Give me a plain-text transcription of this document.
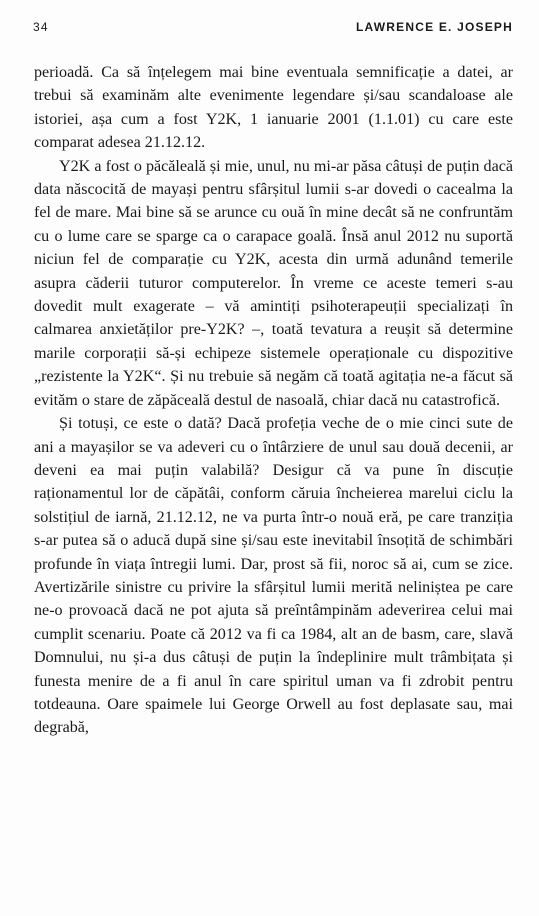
34	LAWRENCE E. JOSEPH

perioadă. Ca să înțelegem mai bine eventuala semnificație a datei, ar trebui să examinăm alte evenimente legendare și/sau scandaloase ale istoriei, așa cum a fost Y2K, 1 ianuarie 2001 (1.1.01) cu care este comparat adesea 21.12.12.

Y2K a fost o păcăleală și mie, unul, nu mi-ar păsa câtuși de puțin dacă data născocită de mayași pentru sfârșitul lumii s-ar dovedi o cacealma la fel de mare. Mai bine să se arunce cu ouă în mine decât să ne confruntăm cu o lume care se sparge ca o carapace goală. Însă anul 2012 nu suportă niciun fel de comparație cu Y2K, acesta din urmă adunând temerile asupra căderii tuturor computerelor. În vreme ce aceste temeri s-au dovedit mult exagerate – vă amintiți psihoterapeuții specializați în calmarea anxietăților pre-Y2K? –, toată tevatura a reușit să determine marile corporații să-și echipeze sistemele operaționale cu dispozitive „rezistente la Y2K“. Și nu trebuie să negăm că toată agitația ne-a făcut să evităm o stare de zăpăceală destul de nasoală, chiar dacă nu catastrofică.

Și totuși, ce este o dată? Dacă profeția veche de o mie cinci sute de ani a mayașilor se va adeveri cu o întârziere de unul sau două decenii, ar deveni ea mai puțin valabilă? Desigur că va pune în discuție raționamentul lor de căpătâi, conform căruia încheierea marelui ciclu la solstițiul de iarnă, 21.12.12, ne va purta într-o nouă eră, pe care tranziția s-ar putea să o aducă după sine și/sau este inevitabil însoțită de schimbări profunde în viața întregii lumi. Dar, prost să fii, noroc să ai, cum se zice. Avertizările sinistre cu privire la sfârșitul lumii merită neliniștea pe care ne-o provoacă dacă ne pot ajuta să preîntâmpinăm adeverirea celui mai cumplit scenariu. Poate că 2012 va fi ca 1984, alt an de basm, care, slavă Domnului, nu și-a dus câtuși de puțin la îndeplinire mult trâmbițata și funesta menire de a fi anul în care spiritul uman va fi zdrobit pentru totdeauna. Oare spaimele lui George Orwell au fost deplasate sau, mai degrabă,
